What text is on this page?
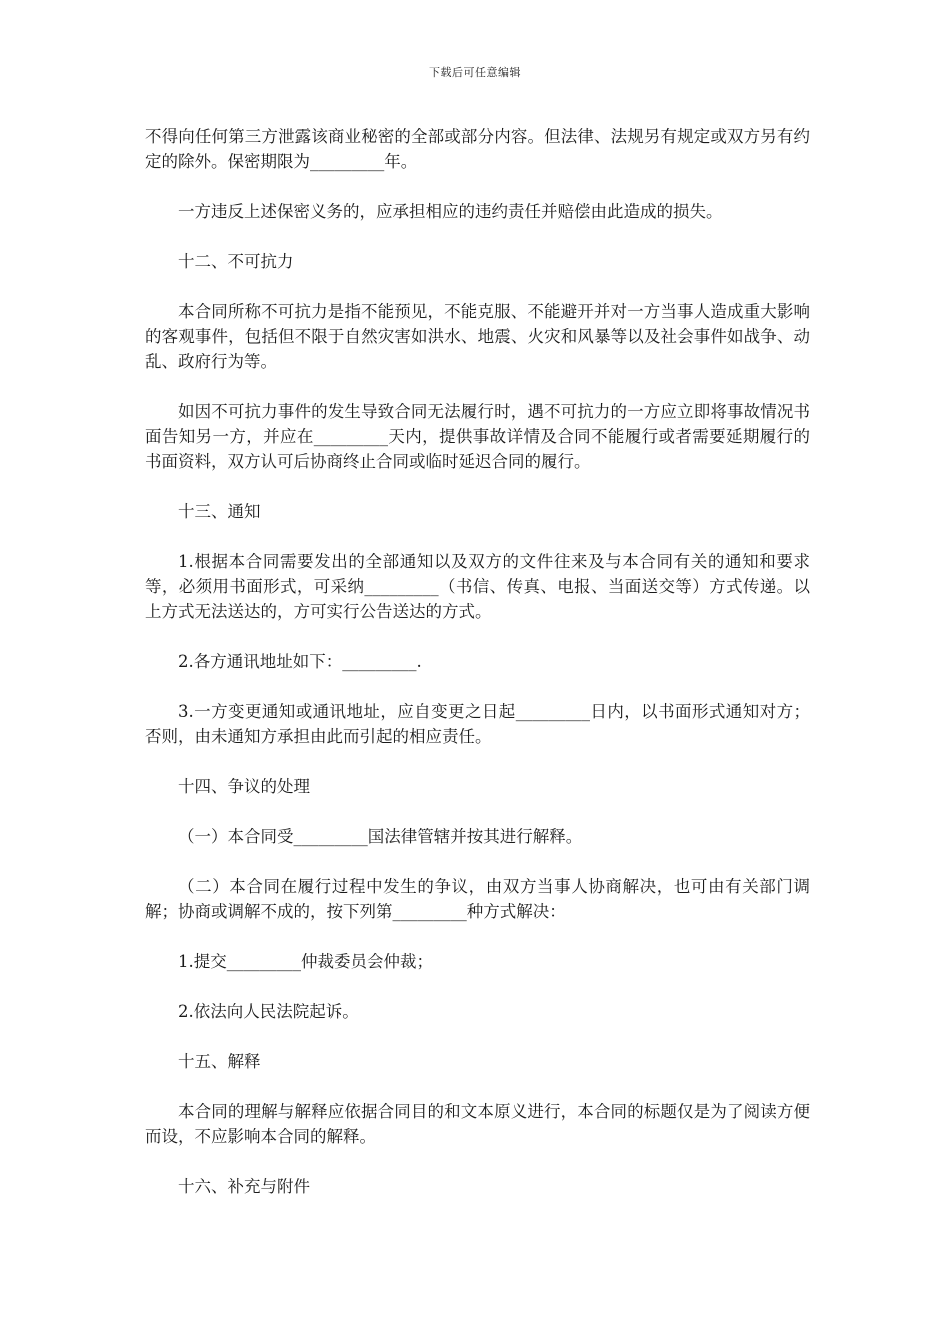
下载后可任意编辑

不得向任何第三方泄露该商业秘密的全部或部分内容。但法律、法规另有规定或双方另有约定的除外。保密期限为_________年。

一方违反上述保密义务的，应承担相应的违约责任并赔偿由此造成的损失。

十二、不可抗力

本合同所称不可抗力是指不能预见，不能克服、不能避开并对一方当事人造成重大影响的客观事件，包括但不限于自然灾害如洪水、地震、火灾和风暴等以及社会事件如战争、动乱、政府行为等。

如因不可抗力事件的发生导致合同无法履行时，遇不可抗力的一方应立即将事故情况书面告知另一方，并应在_________天内，提供事故详情及合同不能履行或者需要延期履行的书面资料，双方认可后协商终止合同或临时延迟合同的履行。

十三、通知

1.根据本合同需要发出的全部通知以及双方的文件往来及与本合同有关的通知和要求等，必须用书面形式，可采纳_________（书信、传真、电报、当面送交等）方式传递。以上方式无法送达的，方可实行公告送达的方式。

2.各方通讯地址如下：_________.

3.一方变更通知或通讯地址，应自变更之日起_________日内，以书面形式通知对方；否则，由未通知方承担由此而引起的相应责任。

十四、争议的处理

（一）本合同受_________国法律管辖并按其进行解释。

（二）本合同在履行过程中发生的争议，由双方当事人协商解决，也可由有关部门调解；协商或调解不成的，按下列第_________种方式解决：

1.提交_________仲裁委员会仲裁；

2.依法向人民法院起诉。

十五、解释

本合同的理解与解释应依据合同目的和文本原义进行，本合同的标题仅是为了阅读方便而设，不应影响本合同的解释。

十六、补充与附件
